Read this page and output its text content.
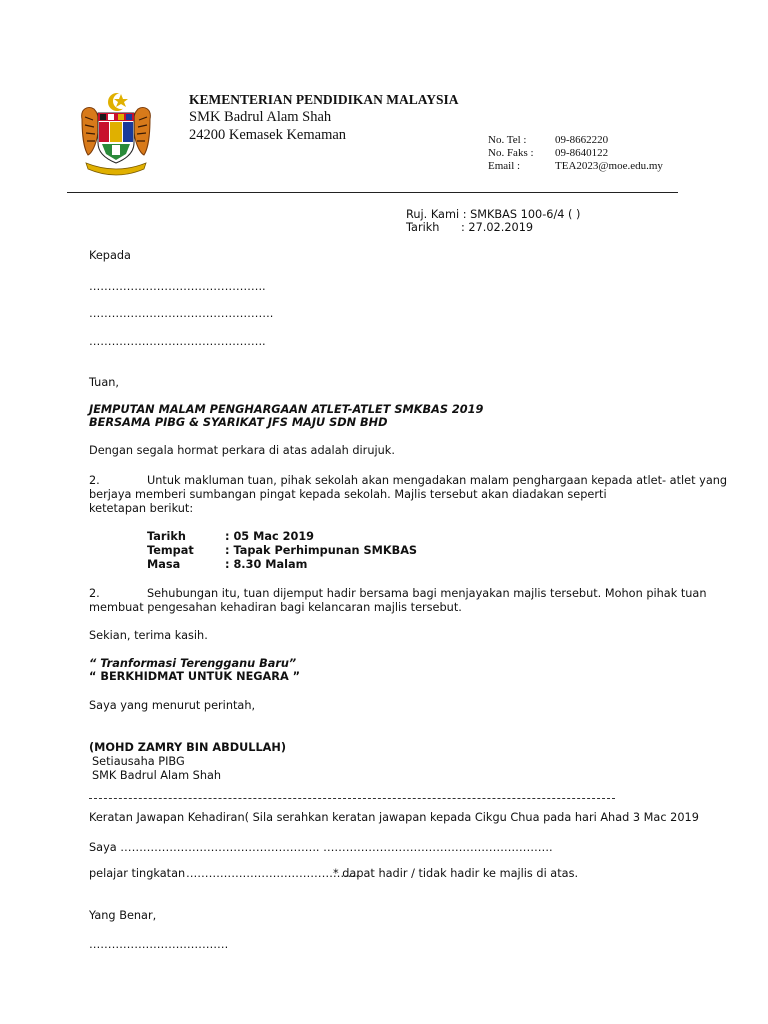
KEMENTERIAN PENDIDIKAN MALAYSIA
SMK Badrul Alam Shah
24200 Kemasek Kemaman	No. Tel :	09-8662220
No. Faks : 09-8640122
Email :	TEA2023@moe.edu.my
Ruj. Kami : SMKBAS 100-6/4 ( )
Tarikh : 27.02.2019
Kepada
………………………………………..
………………………………………….
………………………………………..
Tuan,
JEMPUTAN MALAM PENGHARGAAN ATLET-ATLET SMKBAS 2019
BERSAMA PIBG & SYARIKAT JFS MAJU SDN BHD
Dengan segala hormat perkara di atas adalah dirujuk.
2.	Untuk makluman tuan, pihak sekolah akan mengadakan malam penghargaan kepada atlet- atlet yang
berjaya memberi sumbangan pingat kepada sekolah. Majlis tersebut akan diadakan seperti
ketetapan berikut:
Tarikh	: 05 Mac 2019
Tempat	: Tapak Perhimpunan SMKBAS
Masa	: 8.30 Malam
2.	Sehubungan itu, tuan dijemput hadir bersama bagi menjayakan majlis tersebut. Mohon pihak tuan
membuat pengesahan kehadiran bagi kelancaran majlis tersebut.
Sekian, terima kasih.
“ Tranformasi Terengganu Baru”
“ BERKHIDMAT UNTUK NEGARA ”
Saya yang menurut perintah,
(MOHD ZAMRY BIN ABDULLAH)
Setiausaha PIBG
SMK Badrul Alam Shah
Keratan Jawapan Kehadiran( Sila serahkan keratan jawapan kepada Cikgu Chua pada hari Ahad 3 Mac 2019
Saya …………………………………………….. …………………………………………………….
pelajar tingkatan ……………………………………….
* dapat hadir / tidak hadir ke majlis di atas.
Yang Benar,
……………………………….
